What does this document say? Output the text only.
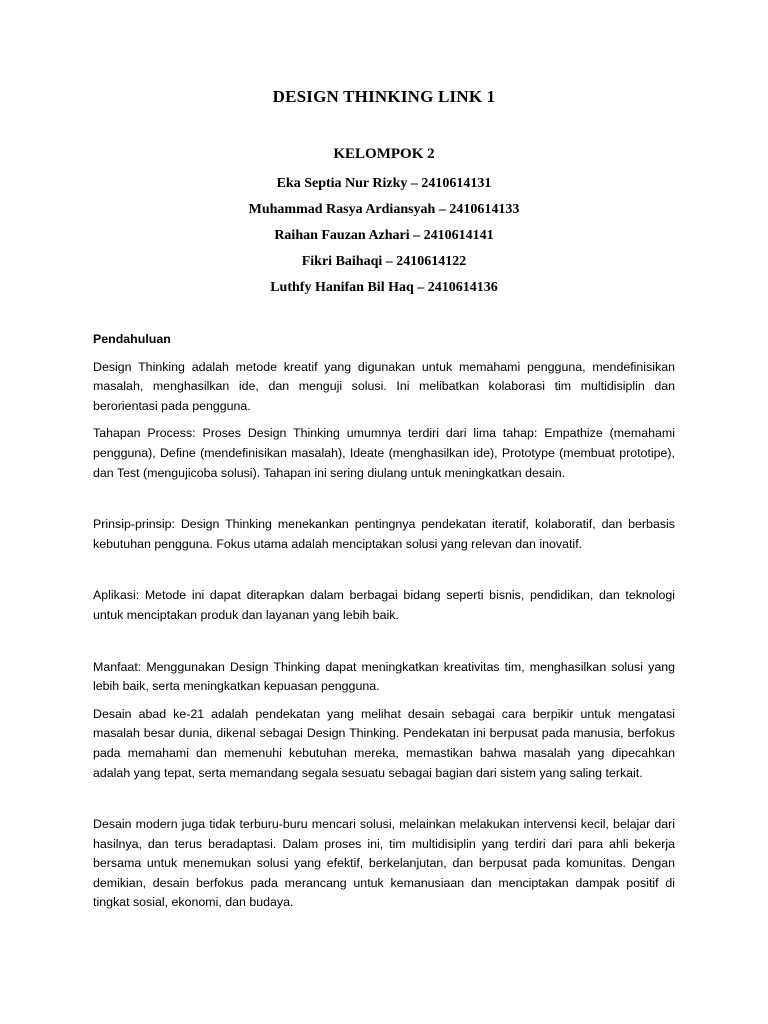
DESIGN THINKING LINK 1
KELOMPOK 2
Eka Septia Nur Rizky – 2410614131
Muhammad Rasya Ardiansyah – 2410614133
Raihan Fauzan Azhari – 2410614141
Fikri Baihaqi – 2410614122
Luthfy Hanifan Bil Haq – 2410614136
Pendahuluan

Design Thinking adalah metode kreatif yang digunakan untuk memahami pengguna, mendefinisikan masalah, menghasilkan ide, dan menguji solusi. Ini melibatkan kolaborasi tim multidisiplin dan berorientasi pada pengguna.

Tahapan Process: Proses Design Thinking umumnya terdiri dari lima tahap: Empathize (memahami pengguna), Define (mendefinisikan masalah), Ideate (menghasilkan ide), Prototype (membuat prototipe), dan Test (mengujicoba solusi). Tahapan ini sering diulang untuk meningkatkan desain.

Prinsip-prinsip: Design Thinking menekankan pentingnya pendekatan iteratif, kolaboratif, dan berbasis kebutuhan pengguna. Fokus utama adalah menciptakan solusi yang relevan dan inovatif.

Aplikasi: Metode ini dapat diterapkan dalam berbagai bidang seperti bisnis, pendidikan, dan teknologi untuk menciptakan produk dan layanan yang lebih baik.

Manfaat: Menggunakan Design Thinking dapat meningkatkan kreativitas tim, menghasilkan solusi yang lebih baik, serta meningkatkan kepuasan pengguna.

Desain abad ke-21 adalah pendekatan yang melihat desain sebagai cara berpikir untuk mengatasi masalah besar dunia, dikenal sebagai Design Thinking. Pendekatan ini berpusat pada manusia, berfokus pada memahami dan memenuhi kebutuhan mereka, memastikan bahwa masalah yang dipecahkan adalah yang tepat, serta memandang segala sesuatu sebagai bagian dari sistem yang saling terkait.

Desain modern juga tidak terburu-buru mencari solusi, melainkan melakukan intervensi kecil, belajar dari hasilnya, dan terus beradaptasi. Dalam proses ini, tim multidisiplin yang terdiri dari para ahli bekerja bersama untuk menemukan solusi yang efektif, berkelanjutan, dan berpusat pada komunitas. Dengan demikian, desain berfokus pada merancang untuk kemanusiaan dan menciptakan dampak positif di tingkat sosial, ekonomi, dan budaya.
